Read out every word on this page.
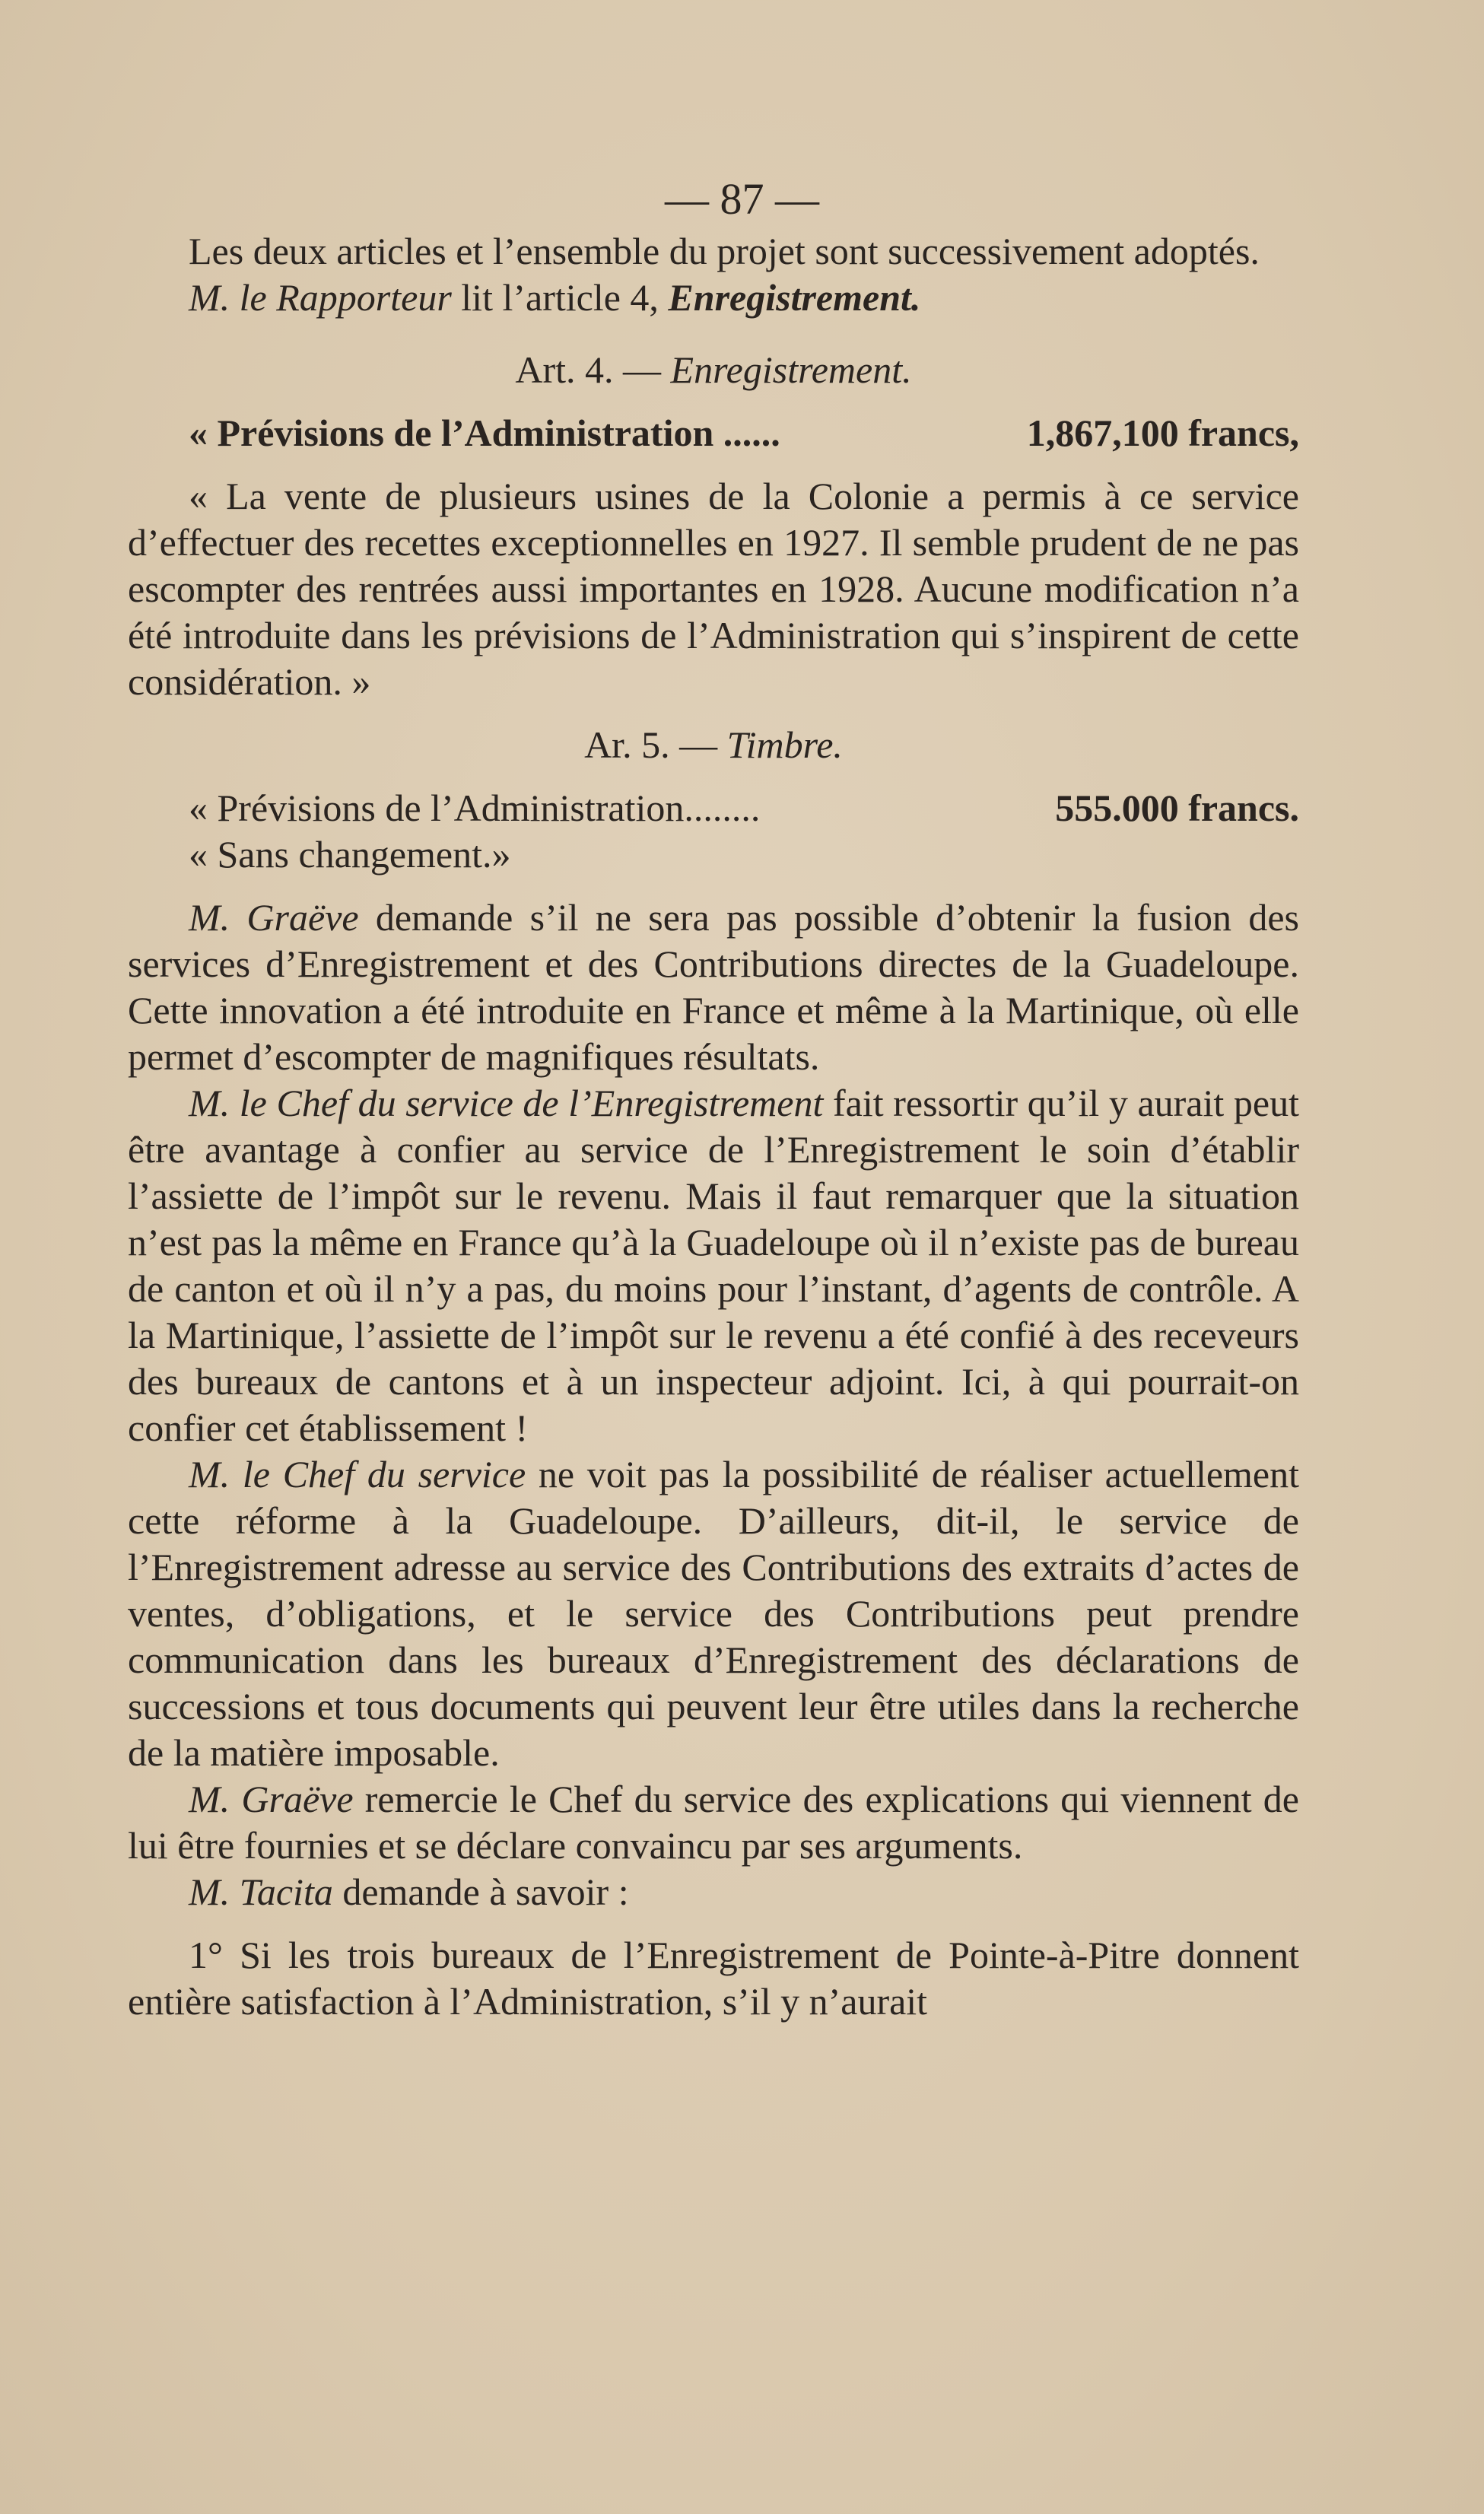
— 87 —

Les deux articles et l’ensemble du projet sont successivement adoptés.

M. le Rapporteur lit l’article 4, Enregistrement.

Art. 4. — Enregistrement.

« Prévisions de l’Administration ......	1,867,100 francs,

« La vente de plusieurs usines de la Colonie a permis à ce service d’effectuer des recettes exceptionnelles en 1927. Il semble prudent de ne pas escompter des rentrées aussi importantes en 1928. Aucune modification n’a été introduite dans les prévisions de l’Administration qui s’inspirent de cette considération. »

Ar. 5. — Timbre.

« Prévisions de l’Administration........	555.000 francs.

« Sans changement.»

M. Graëve demande s’il ne sera pas possible d’obtenir la fusion des services d’Enregistrement et des Contributions directes de la Guadeloupe. Cette innovation a été introduite en France et même à la Martinique, où elle permet d’escompter de magnifiques résultats.

M. le Chef du service de l’Enregistrement fait ressortir qu’il y aurait peut être avantage à confier au service de l’Enregistrement le soin d’établir l’assiette de l’impôt sur le revenu. Mais il faut remarquer que la situation n’est pas la même en France qu’à la Guadeloupe où il n’existe pas de bureau de canton et où il n’y a pas, du moins pour l’instant, d’agents de contrôle. A la Martinique, l’assiette de l’impôt sur le revenu a été confié à des receveurs des bureaux de cantons et à un inspecteur adjoint. Ici, à qui pourrait-on confier cet établissement !

M. le Chef du service ne voit pas la possibilité de réaliser actuellement cette réforme à la Guadeloupe. D’ailleurs, dit-il, le service de l’Enregistrement adresse au service des Contributions des extraits d’actes de ventes, d’obligations, et le service des Contributions peut prendre communication dans les bureaux d’Enregistrement des déclarations de successions et tous documents qui peuvent leur être utiles dans la recherche de la matière imposable.

M. Graëve remercie le Chef du service des explications qui viennent de lui être fournies et se déclare convaincu par ses arguments.

M. Tacita demande à savoir :

1° Si les trois bureaux de l’Enregistrement de Pointe-à-Pitre donnent entière satisfaction à l’Administration, s’il y n’aurait
